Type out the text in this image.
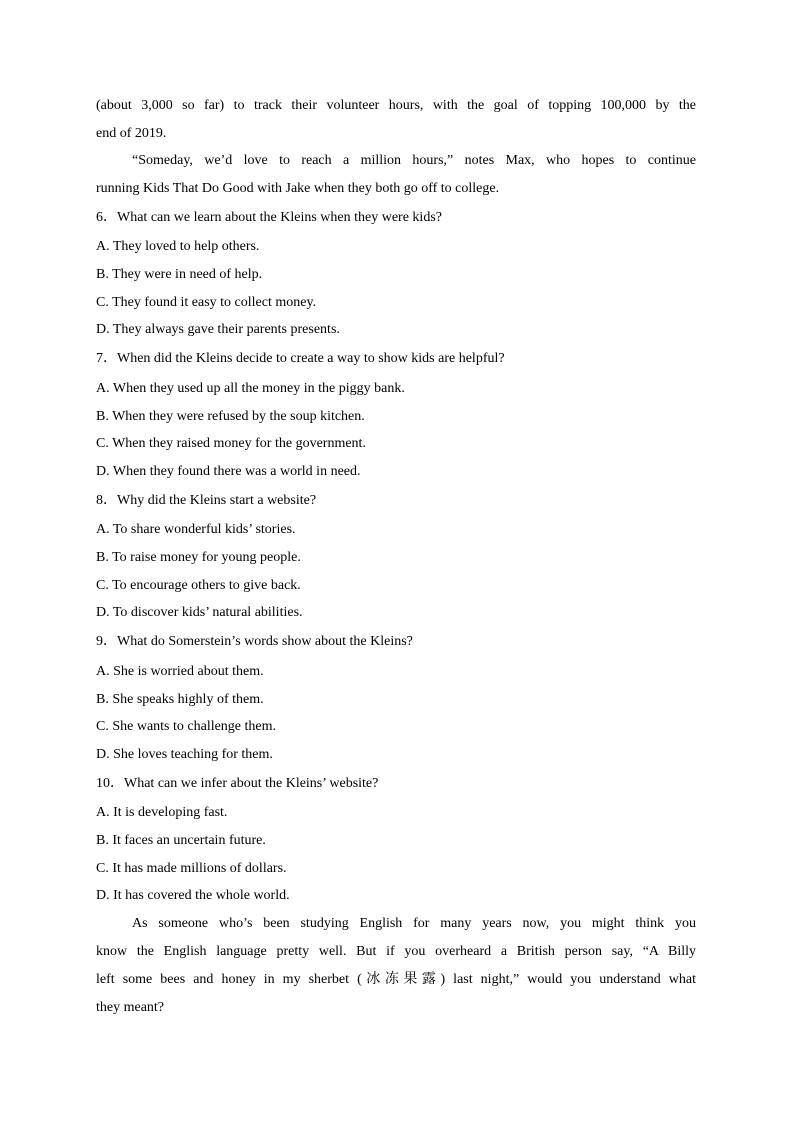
(about 3,000 so far) to track their volunteer hours, with the goal of topping 100,000 by the

end of 2019.

“Someday, we’d love to reach a million hours,” notes Max, who hopes to continue

running Kids That Do Good with Jake when they both go off to college.

6．What can we learn about the Kleins when they were kids?

A. They loved to help others.

B. They were in need of help.

C. They found it easy to collect money.

D. They always gave their parents presents.

7．When did the Kleins decide to create a way to show kids are helpful?

A. When they used up all the money in the piggy bank.

B. When they were refused by the soup kitchen.

C. When they raised money for the government.

D. When they found there was a world in need.

8．Why did the Kleins start a website?

A. To share wonderful kids’ stories.

B. To raise money for young people.

C. To encourage others to give back.

D. To discover kids’ natural abilities.

9．What do Somerstein’s words show about the Kleins?

A. She is worried about them.

B. She speaks highly of them.

C. She wants to challenge them.

D. She loves teaching for them.

10．What can we infer about the Kleins’ website?

A. It is developing fast.

B. It faces an uncertain future.

C. It has made millions of dollars.

D. It has covered the whole world.

As someone who’s been studying English for many years now, you might think you

know the English language pretty well. But if you overheard a British person say, “A Billy

left some bees and honey in my sherbet (冰冻果露) last night,” would you understand what

they meant?
